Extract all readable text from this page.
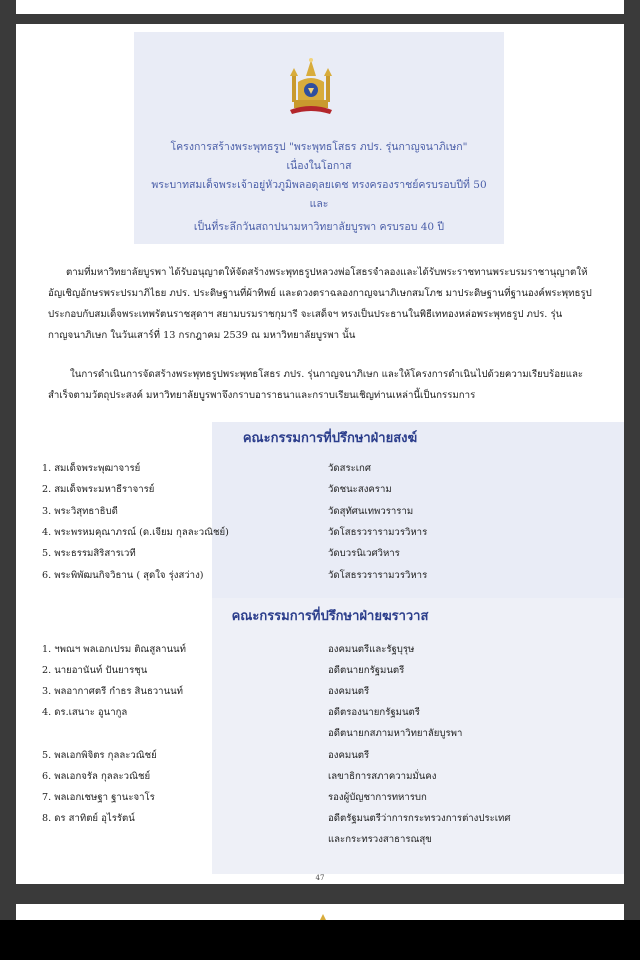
โครงการสร้างพระพุทธรูป "พระพุทธโสธร ภปร. รุ่นกาญจนาภิเษก"
เนื่องในโอกาส
พระบาทสมเด็จพระเจ้าอยู่หัวภูมิพลอดุลยเดช ทรงครองราชย์ครบรอบปีที่ 50
และ
เป็นที่ระลึกวันสถาปนามหาวิทยาลัยบูรพา ครบรอบ 40 ปี
ตามที่มหาวิทยาลัยบูรพา ได้รับอนุญาตให้จัดสร้างพระพุทธรูปหลวงพ่อโสธรจำลองและได้รับพระราชทานพระบรมราชานุญาตให้อัญเชิญอักษรพระปรมาภิไธย ภปร. ประดิษฐานที่ผ้าทิพย์ และดวงตราฉลองกาญจนาภิเษกสมโภช มาประดิษฐานที่ฐานองค์พระพุทธรูป ประกอบกับสมเด็จพระเทพรัตนราชสุดาฯ สยามบรมราชกุมารี จะเสด็จฯ ทรงเป็นประธานในพิธีเททองหล่อพระพุทธรูป ภปร. รุ่นกาญจนาภิเษก ในวันเสาร์ที่ 13 กรกฎาคม 2539 ณ มหาวิทยาลัยบูรพา นั้น
ในการดำเนินการจัดสร้างพระพุทธรูปพระพุทธโสธร ภปร. รุ่นกาญจนาภิเษก และให้โครงการดำเนินไปด้วยความเรียบร้อยและสำเร็จตามวัตถุประสงค์ มหาวิทยาลัยบูรพาจึงกราบอาราธนาและกราบเรียนเชิญท่านเหล่านี้เป็นกรรมการ
คณะกรรมการที่ปรึกษาฝ่ายสงฆ์
1. สมเด็จพระพุฒาจารย์	วัดสระเกศ
2. สมเด็จพระมหาธีราจารย์	วัดชนะสงคราม
3. พระวิสุทธาธิบดี	วัดสุทัศนเทพวราราม
4. พระพรหมคุณาภรณ์ (ด.เจียม กุลละวณิชย์)	วัดโสธรวรารามวรวิหาร
5. พระธรรมสิริสารเวที	วัดบวรนิเวศวิหาร
6. พระพิพัฒนกิจวิธาน ( สุดใจ รุ่งสว่าง)	วัดโสธรวรารามวรวิหาร
คณะกรรมการที่ปรึกษาฝ่ายฆราวาส
1. ฯพณฯ พลเอกเปรม ติณสูลานนท์	องคมนตรีและรัฐบุรุษ
2. นายอานันท์ ปันยารชุน	อดีตนายกรัฐมนตรี
3. พลอากาศตรี กำธร สินธวานนท์	องคมนตรี
4. ดร.เสนาะ อูนากูล	อดีตรองนายกรัฐมนตรี
อดีตนายกสภามหาวิทยาลัยบูรพา
5. พลเอกพิจิตร กุลละวณิชย์	องคมนตรี
6. พลเอกจรัล กุลละวณิชย์	เลขาธิการสภาความมั่นคง
7. พลเอกเชษฐา ฐานะจาโร	รองผู้บัญชาการทหารบก
8. ดร สาทิตย์ อุไรรัตน์	อดีตรัฐมนตรีว่าการกระทรวงการต่างประเทศ
และกระทรวงสาธารณสุข
47
